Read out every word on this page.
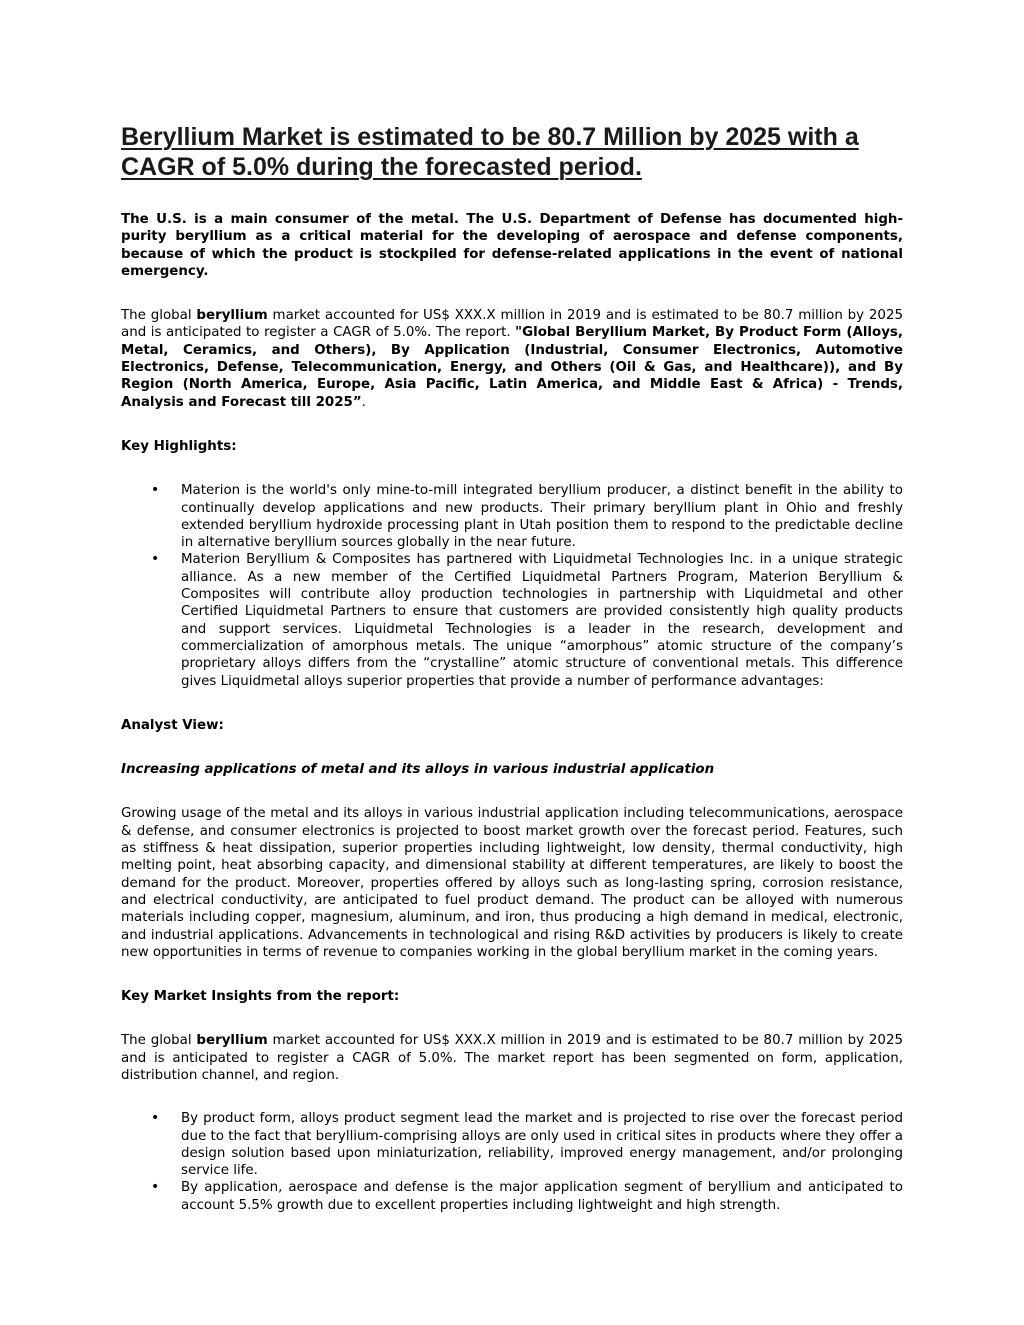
Beryllium Market is estimated to be 80.7 Million by 2025 with a CAGR of 5.0% during the forecasted period.

The U.S. is a main consumer of the metal. The U.S. Department of Defense has documented high-purity beryllium as a critical material for the developing of aerospace and defense components, because of which the product is stockpiled for defense-related applications in the event of national emergency.

The global beryllium market accounted for US$ XXX.X million in 2019 and is estimated to be 80.7 million by 2025 and is anticipated to register a CAGR of 5.0%. The report. "Global Beryllium Market, By Product Form (Alloys, Metal, Ceramics, and Others), By Application (Industrial, Consumer Electronics, Automotive Electronics, Defense, Telecommunication, Energy, and Others (Oil & Gas, and Healthcare)), and By Region (North America, Europe, Asia Pacific, Latin America, and Middle East & Africa) - Trends, Analysis and Forecast till 2025”.

Key Highlights:

• Materion is the world's only mine-to-mill integrated beryllium producer, a distinct benefit in the ability to continually develop applications and new products. Their primary beryllium plant in Ohio and freshly extended beryllium hydroxide processing plant in Utah position them to respond to the predictable decline in alternative beryllium sources globally in the near future.
• Materion Beryllium & Composites has partnered with Liquidmetal Technologies Inc. in a unique strategic alliance. As a new member of the Certified Liquidmetal Partners Program, Materion Beryllium & Composites will contribute alloy production technologies in partnership with Liquidmetal and other Certified Liquidmetal Partners to ensure that customers are provided consistently high quality products and support services. Liquidmetal Technologies is a leader in the research, development and commercialization of amorphous metals. The unique “amorphous” atomic structure of the company’s proprietary alloys differs from the “crystalline” atomic structure of conventional metals. This difference gives Liquidmetal alloys superior properties that provide a number of performance advantages:

Analyst View:

Increasing applications of metal and its alloys in various industrial application

Growing usage of the metal and its alloys in various industrial application including telecommunications, aerospace & defense, and consumer electronics is projected to boost market growth over the forecast period. Features, such as stiffness & heat dissipation, superior properties including lightweight, low density, thermal conductivity, high melting point, heat absorbing capacity, and dimensional stability at different temperatures, are likely to boost the demand for the product. Moreover, properties offered by alloys such as long-lasting spring, corrosion resistance, and electrical conductivity, are anticipated to fuel product demand. The product can be alloyed with numerous materials including copper, magnesium, aluminum, and iron, thus producing a high demand in medical, electronic, and industrial applications. Advancements in technological and rising R&D activities by producers is likely to create new opportunities in terms of revenue to companies working in the global beryllium market in the coming years.

Key Market Insights from the report:

The global beryllium market accounted for US$ XXX.X million in 2019 and is estimated to be 80.7 million by 2025 and is anticipated to register a CAGR of 5.0%. The market report has been segmented on form, application, distribution channel, and region.

• By product form, alloys product segment lead the market and is projected to rise over the forecast period due to the fact that beryllium-comprising alloys are only used in critical sites in products where they offer a design solution based upon miniaturization, reliability, improved energy management, and/or prolonging service life.
• By application, aerospace and defense is the major application segment of beryllium and anticipated to account 5.5% growth due to excellent properties including lightweight and high strength.
